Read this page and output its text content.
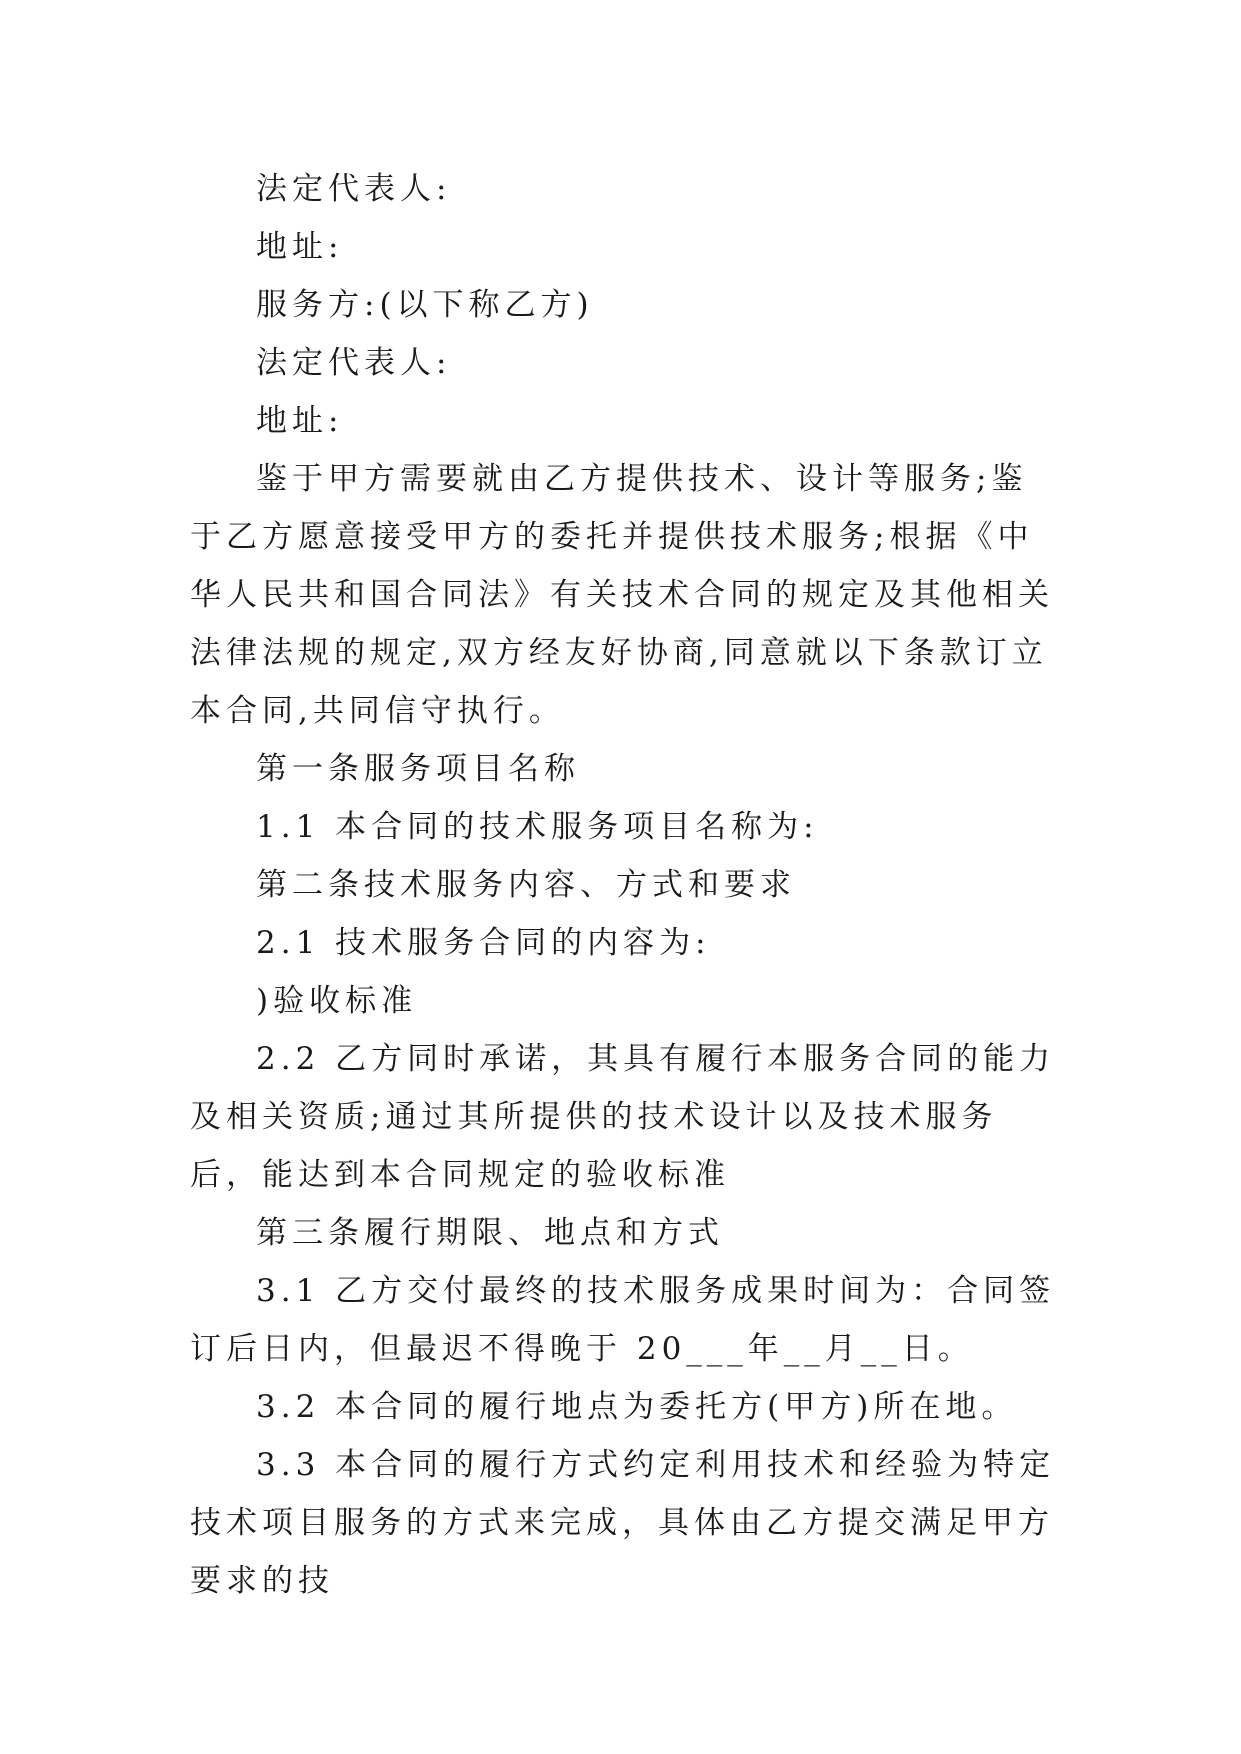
法定代表人:

地址:

服务方:(以下称乙方)

法定代表人:

地址:

鉴于甲方需要就由乙方提供技术、设计等服务;鉴于乙方愿意接受甲方的委托并提供技术服务;根据《中华人民共和国合同法》有关技术合同的规定及其他相关法律法规的规定,双方经友好协商,同意就以下条款订立本合同,共同信守执行。

第一条服务项目名称

1.1 本合同的技术服务项目名称为:

第二条技术服务内容、方式和要求

2.1 技术服务合同的内容为:

)验收标准

2.2 乙方同时承诺，其具有履行本服务合同的能力及相关资质;通过其所提供的技术设计以及技术服务后，能达到本合同规定的验收标准

第三条履行期限、地点和方式

3.1 乙方交付最终的技术服务成果时间为：合同签订后日内，但最迟不得晚于 20___年__月__日。

3.2 本合同的履行地点为委托方(甲方)所在地。

3.3 本合同的履行方式约定利用技术和经验为特定技术项目服务的方式来完成，具体由乙方提交满足甲方要求的技
